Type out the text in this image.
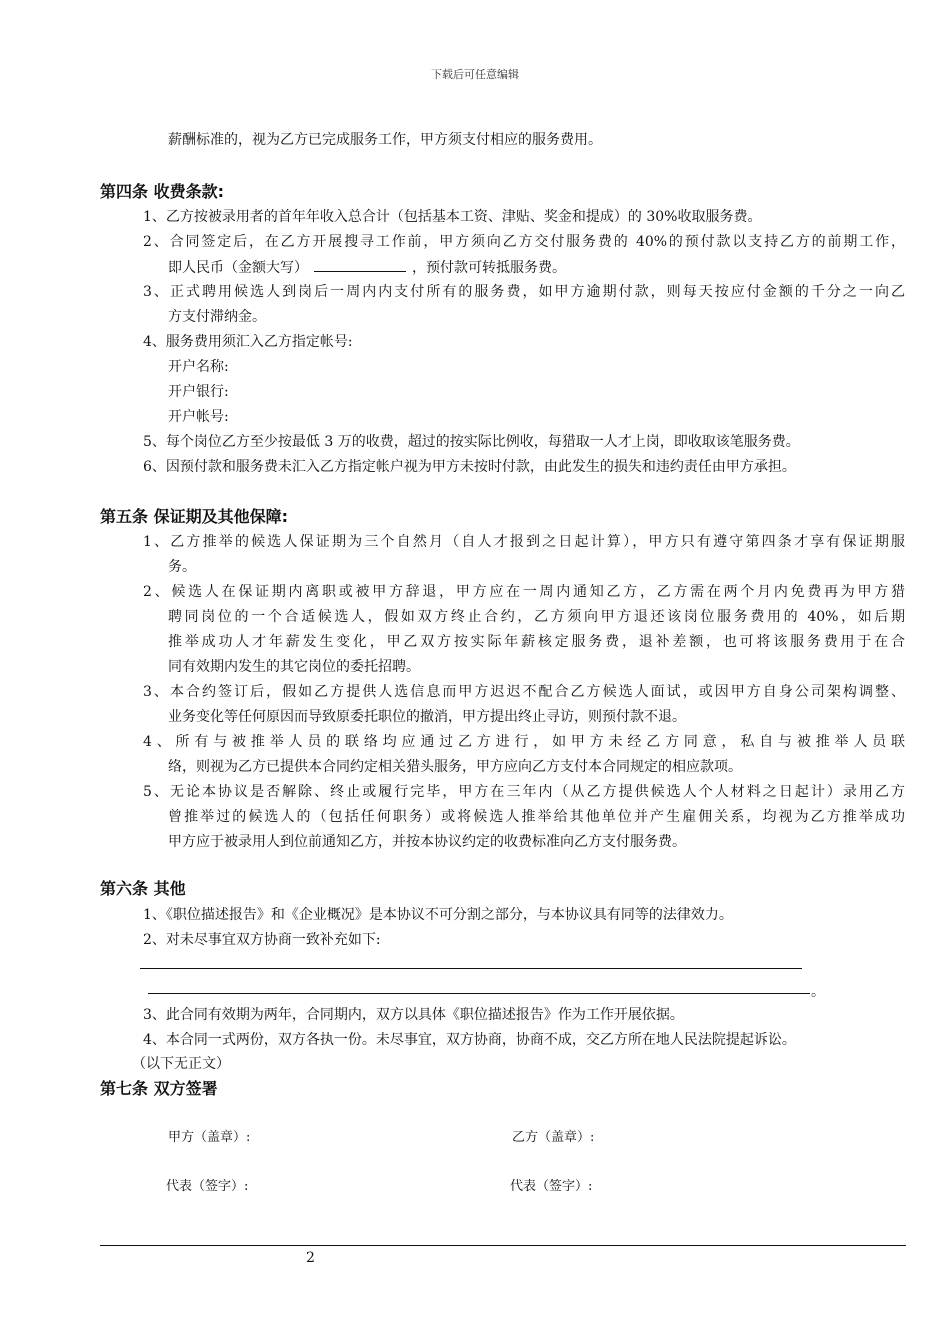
下载后可任意编辑
薪酬标准的，视为乙方已完成服务工作，甲方须支付相应的服务费用。
第四条 收费条款:
1、乙方按被录用者的首年年收入总合计（包括基本工资、津贴、奖金和提成）的 30%收取服务费。
2、合同签定后，在乙方开展搜寻工作前，甲方须向乙方交付服务费的 40%的预付款以支持乙方的前期工作，
即人民币（金额大写）	，预付款可转抵服务费。
3、正式聘用候选人到岗后一周内内支付所有的服务费，如甲方逾期付款，则每天按应付金额的千分之一向乙
方支付滞纳金。
4、服务费用须汇入乙方指定帐号:
开户名称:
开户银行:
开户帐号:
5、每个岗位乙方至少按最低 3 万的收费，超过的按实际比例收，每猎取一人才上岗，即收取该笔服务费。
6、因预付款和服务费未汇入乙方指定帐户视为甲方未按时付款，由此发生的损失和违约责任由甲方承担。
第五条 保证期及其他保障:
1、乙方推举的候选人保证期为三个自然月（自人才报到之日起计算），甲方只有遵守第四条才享有保证期服
务。
2、候选人在保证期内离职或被甲方辞退，甲方应在一周内通知乙方，乙方需在两个月内免费再为甲方猎
聘同岗位的一个合适候选人，假如双方终止合约，乙方须向甲方退还该岗位服务费用的 40%，如后期
推举成功人才年薪发生变化，甲乙双方按实际年薪核定服务费，退补差额，也可将该服务费用于在合
同有效期内发生的其它岗位的委托招聘。
3、本合约签订后，假如乙方提供人选信息而甲方迟迟不配合乙方候选人面试，或因甲方自身公司架构调整、
业务变化等任何原因而导致原委托职位的撤消，甲方提出终止寻访，则预付款不退。
4、所有与被推举人员的联络均应通过乙方进行，如甲方未经乙方同意，私自与被推举人员联
络，则视为乙方已提供本合同约定相关猎头服务，甲方应向乙方支付本合同规定的相应款项。
5、无论本协议是否解除、终止或履行完毕，甲方在三年内（从乙方提供候选人个人材料之日起计）录用乙方
曾推举过的候选人的（包括任何职务）或将候选人推举给其他单位并产生雇佣关系，均视为乙方推举成功
甲方应于被录用人到位前通知乙方，并按本协议约定的收费标准向乙方支付服务费。
第六条 其他
1、《职位描述报告》和《企业概况》是本协议不可分割之部分，与本协议具有同等的法律效力。
2、对未尽事宜双方协商一致补充如下:
。
3、此合同有效期为两年，合同期内，双方以具体《职位描述报告》作为工作开展依据。
4、本合同一式两份，双方各执一份。未尽事宜，双方协商，协商不成，交乙方所在地人民法院提起诉讼。
（以下无正文）
第七条 双方签署
甲方（盖章）:	乙方（盖章）:
代表（签字）:	代表（签字）:
2
